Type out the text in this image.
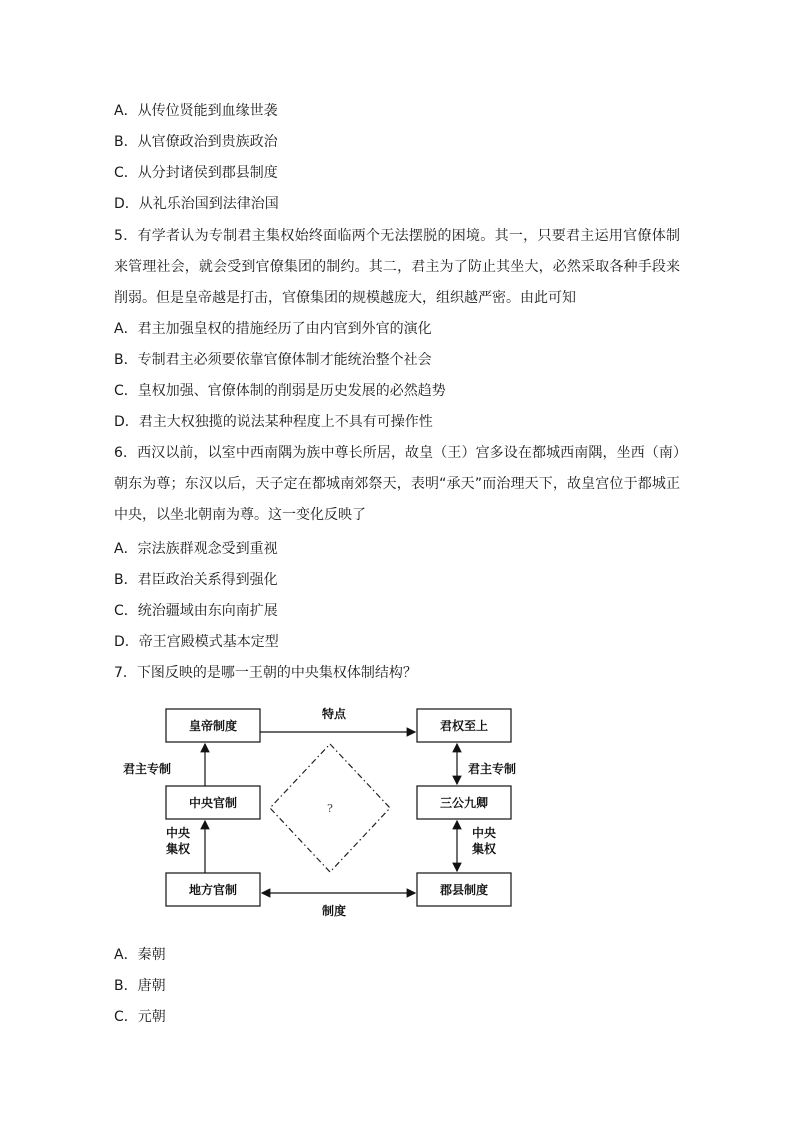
A．从传位贤能到血缘世袭
B．从官僚政治到贵族政治
C．从分封诸侯到郡县制度
D．从礼乐治国到法律治国
5．有学者认为专制君主集权始终面临两个无法摆脱的困境。其一，只要君主运用官僚体制来管理社会，就会受到官僚集团的制约。其二，君主为了防止其坐大，必然采取各种手段来削弱。但是皇帝越是打击，官僚集团的规模越庞大，组织越严密。由此可知
A．君主加强皇权的措施经历了由内官到外官的演化
B．专制君主必须要依靠官僚体制才能统治整个社会
C．皇权加强、官僚体制的削弱是历史发展的必然趋势
D．君主大权独揽的说法某种程度上不具有可操作性
6．西汉以前，以室中西南隅为族中尊长所居，故皇（王）宫多设在都城西南隅，坐西（南）朝东为尊；东汉以后，天子定在都城南郊祭天，表明“承天”而治理天下，故皇宫位于都城正中央，以坐北朝南为尊。这一变化反映了
A．宗法族群观念受到重视
B．君臣政治关系得到强化
C．统治疆域由东向南扩展
D．帝王宫殿模式基本定型
7．下图反映的是哪一王朝的中央集权体制结构？
皇帝制度
中央官制
地方官制
君权至上
三公九卿
郡县制度
特点
制度
君主专制
中央
集权
君主专制
中央
集权
?
A．秦朝
B．唐朝
C．元朝
